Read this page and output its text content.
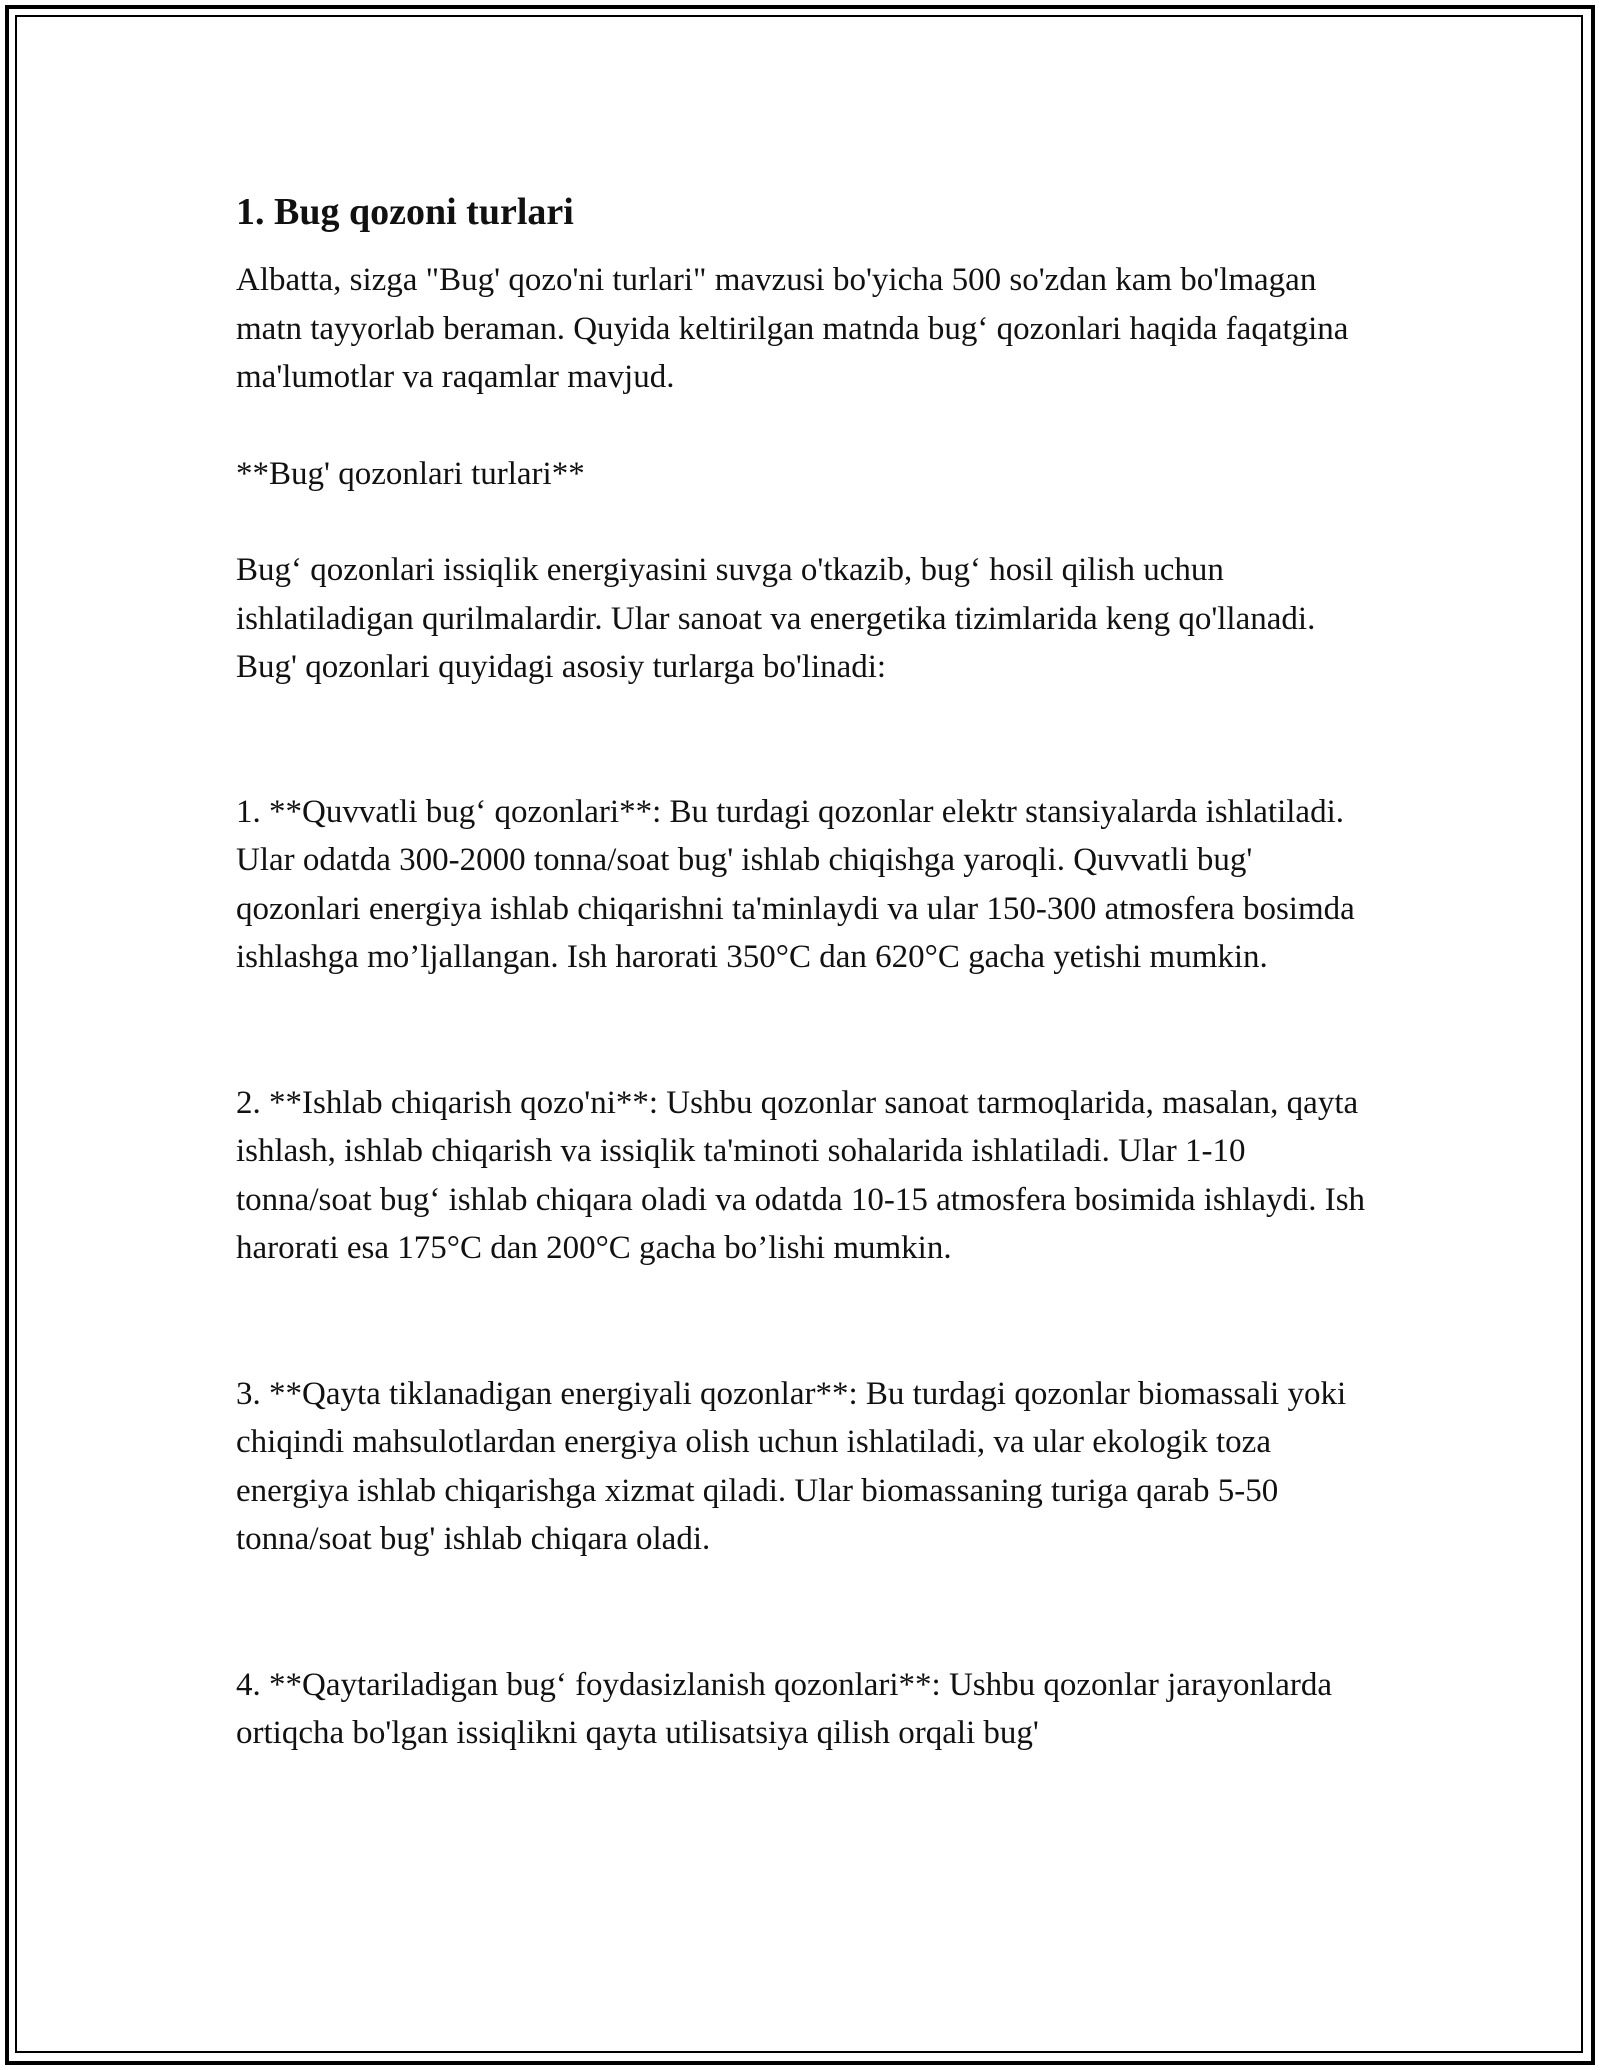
1. Bug qozoni turlari

Albatta, sizga "Bug' qozo'ni turlari" mavzusi bo'yicha 500 so'zdan kam bo'lmagan matn tayyorlab beraman. Quyida keltirilgan matnda bug‘ qozonlari haqida faqatgina ma'lumotlar va raqamlar mavjud.

**Bug' qozonlari turlari**

Bug‘ qozonlari issiqlik energiyasini suvga o'tkazib, bug‘ hosil qilish uchun ishlatiladigan qurilmalardir. Ular sanoat va energetika tizimlarida keng qo'llanadi. Bug' qozonlari quyidagi asosiy turlarga bo'linadi:

1. **Quvvatli bug‘ qozonlari**: Bu turdagi qozonlar elektr stansiyalarda ishlatiladi. Ular odatda 300-2000 tonna/soat bug' ishlab chiqishga yaroqli. Quvvatli bug' qozonlari energiya ishlab chiqarishni ta'minlaydi va ular 150-300 atmosfera bosimda ishlashga mo’ljallangan. Ish harorati 350°C dan 620°C gacha yetishi mumkin.

2. **Ishlab chiqarish qozo'ni**: Ushbu qozonlar sanoat tarmoqlarida, masalan, qayta ishlash, ishlab chiqarish va issiqlik ta'minoti sohalarida ishlatiladi. Ular 1-10 tonna/soat bug‘ ishlab chiqara oladi va odatda 10-15 atmosfera bosimida ishlaydi. Ish harorati esa 175°C dan 200°C gacha bo’lishi mumkin.

3. **Qayta tiklanadigan energiyali qozonlar**: Bu turdagi qozonlar biomassali yoki chiqindi mahsulotlardan energiya olish uchun ishlatiladi, va ular ekologik toza energiya ishlab chiqarishga xizmat qiladi. Ular biomassaning turiga qarab 5-50 tonna/soat bug' ishlab chiqara oladi.

4. **Qaytariladigan bug‘ foydasizlanish qozonlari**: Ushbu qozonlar jarayonlarda ortiqcha bo'lgan issiqlikni qayta utilisatsiya qilish orqali bug'
